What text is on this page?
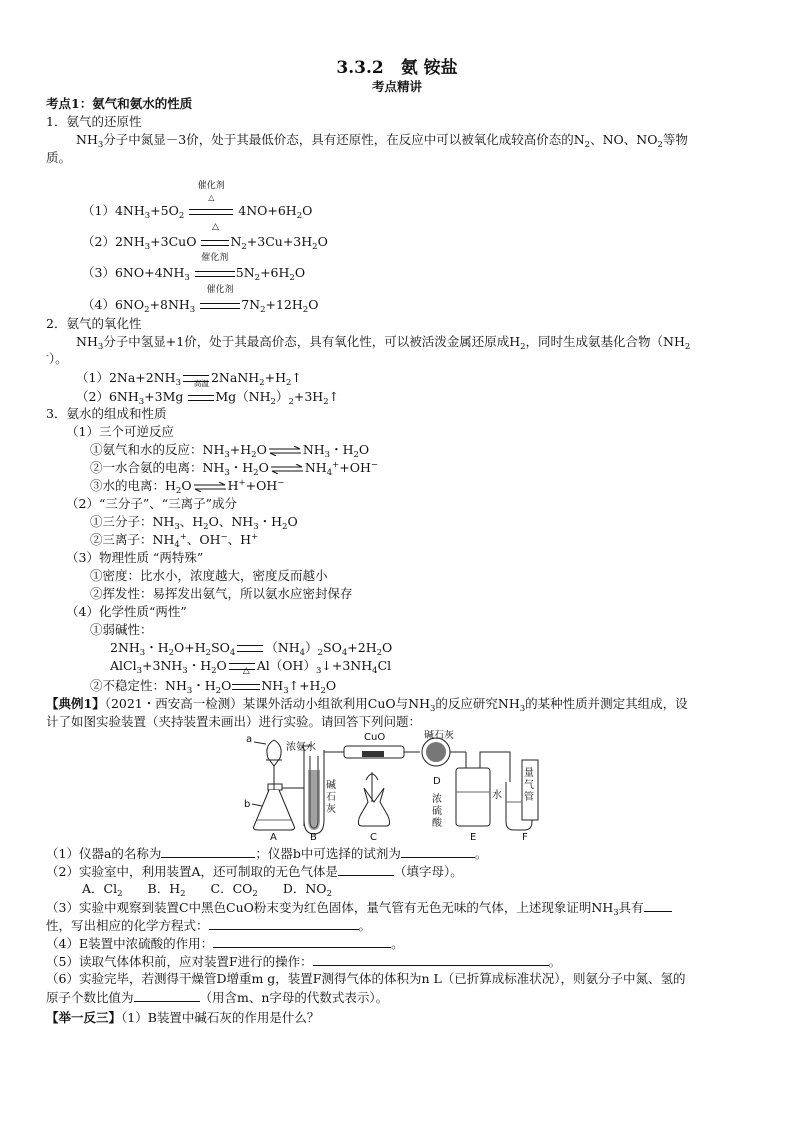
3.3.2　氨 铵盐
考点精讲
考点1：氨气和氨水的性质
1．氨气的还原性
$NH_3$分子中氮显－3价，处于其最低价态，具有还原性，在反应中可以被氧化成较高价态的$N_2$、NO、$NO_2$等物
质。
$(1)4NH_3+5O_2$
催化剂
△
$4NO+6H_2O$
$(2)2NH_3+3CuO$
△
$N_2+3Cu+3H_2O$
$(3)6NO+4NH_3$
催化剂
$5N_2+6H_2O$
$(4)6NO_2+8NH_3$
催化剂
$7N_2+12H_2O$
2．氨气的氧化性
$NH_3$分子中氢显+1价，处于其最高价态，具有氧化性，可以被活泼金属还原成$H_2$，同时生成氨基化合物（$NH_2$
-）。
$(1)2Na+2NH_3$ $2NaNH_2+H_2↑$
$(2)6NH_3+3Mg$
高温
$Mg(NH_2)_2+3H_2↑$
3．氨水的组成和性质
（1）三个可逆反应
①氨气和水的反应：$NH_3+H_2O\rightleftharpoons NH_3$・$H_2O$
②一水合氨的电离：$NH_3$・$H_2O\rightleftharpoons NH_4^++OH^-$
③水的电离：$H_2O\rightleftharpoons H^++OH^-$
（2）“三分子”、“三离子”成分
①三分子：$NH_3$、$H_2O$、$NH_3$・$H_2O$
②三离子：$NH_4^+$、OH−、H+
（3）物理性质 “两特殊”
①密度：比水小，浓度越大，密度反而越小
②挥发性：易挥发出氨气，所以氨水应密封保存
（4）化学性质“两性”
①弱碱性：
$2NH_3$・$H_2O+H_2SO_4$ $(NH_4)_2SO_4+2H_2O$
$AlCl_3+3NH_3$・$H_2O$ $Al(OH)_3↓+3NH_4Cl$
②不稳定性：$NH_3$・$H_2O$
△
$NH_3↑+H_2O$
【典例1】（2021・西安高一检测）某课外活动小组欲利用CuO与$NH_3$的反应研究$NH_3$的某种性质并测定其组成，设
计了如图实验装置（夹持装置未画出）进行实验。请回答下列问题：
a
b
浓氨水
碱
石
灰
CuO	碱石灰
D
浓
硫
酸
水
量
气
管
A	B	C	E	F
（1）仪器a的名称为	；仪器b中可选择的试剂为	。
（2）实验室中，利用装置A，还可制取的无色气体是	（填字母）。
A．$Cl_2$　　B．$H_2$　　C．$CO_2$　　D．$NO_2$
（3）实验中观察到装置C中黑色CuO粉末变为红色固体，量气管有无色无味的气体，上述现象证明$NH_3$具有
性，写出相应的化学方程式：	。
（4）E装置中浓硫酸的作用：	。
（5）读取气体体积前，应对装置F进行的操作：	。
（6）实验完毕，若测得干燥管D增重m g，装置F测得气体的体积为n L（已折算成标准状况），则氨分子中氮、氢的
原子个数比值为	（用含m、n字母的代数式表示）。
【举一反三】（1）B装置中碱石灰的作用是什么？
